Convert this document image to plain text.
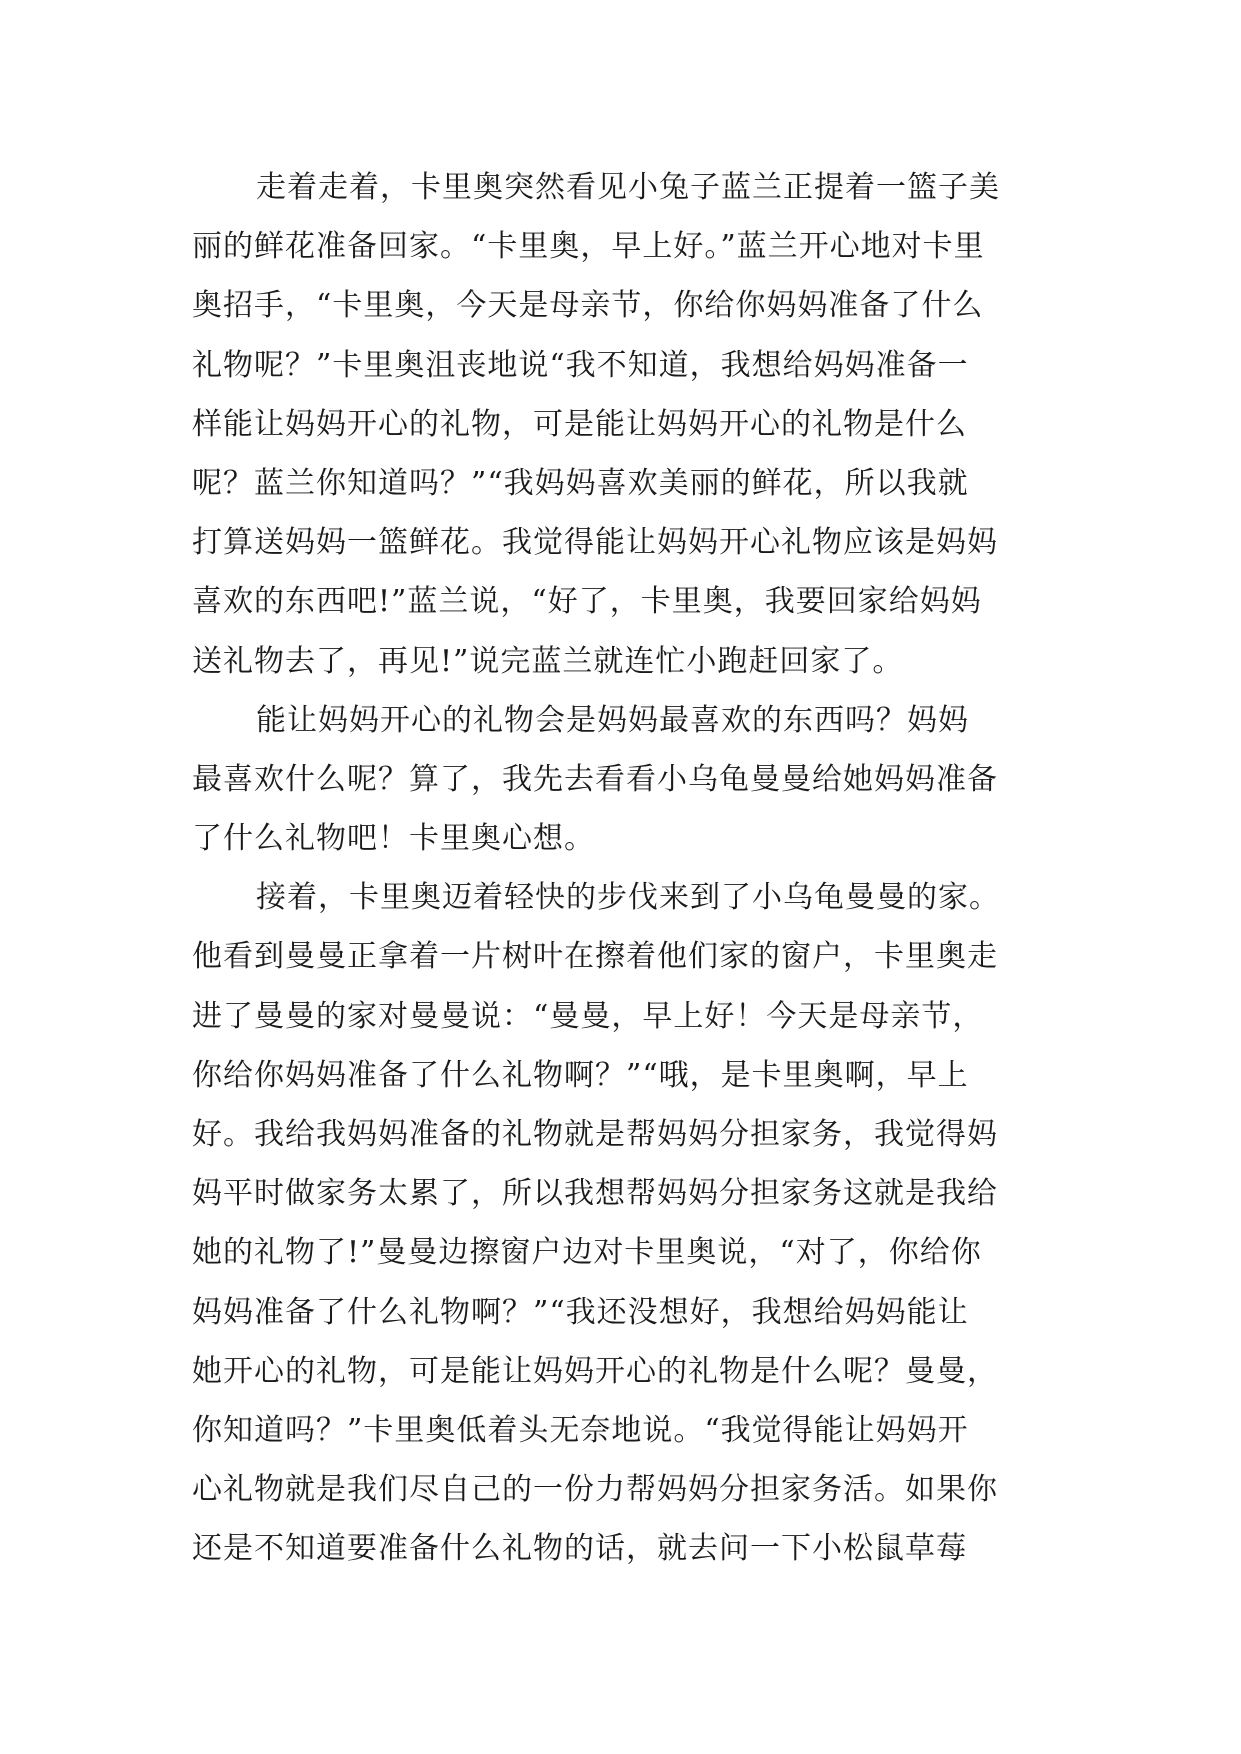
走着走着，卡里奥突然看见小兔子蓝兰正提着一篮子美
丽的鲜花准备回家。“卡里奥，早上好。”蓝兰开心地对卡里
奥招手，“卡里奥，今天是母亲节，你给你妈妈准备了什么
礼物呢？”卡里奥沮丧地说“我不知道，我想给妈妈准备一
样能让妈妈开心的礼物，可是能让妈妈开心的礼物是什么
呢？蓝兰你知道吗？”“我妈妈喜欢美丽的鲜花，所以我就
打算送妈妈一篮鲜花。我觉得能让妈妈开心礼物应该是妈妈
喜欢的东西吧!”蓝兰说，“好了，卡里奥，我要回家给妈妈
送礼物去了，再见!”说完蓝兰就连忙小跑赶回家了。
能让妈妈开心的礼物会是妈妈最喜欢的东西吗？妈妈
最喜欢什么呢？算了，我先去看看小乌龟曼曼给她妈妈准备
了什么礼物吧！卡里奥心想。
接着，卡里奥迈着轻快的步伐来到了小乌龟曼曼的家。
他看到曼曼正拿着一片树叶在擦着他们家的窗户，卡里奥走
进了曼曼的家对曼曼说：“曼曼，早上好！今天是母亲节，
你给你妈妈准备了什么礼物啊？”“哦，是卡里奥啊，早上
好。我给我妈妈准备的礼物就是帮妈妈分担家务，我觉得妈
妈平时做家务太累了，所以我想帮妈妈分担家务这就是我给
她的礼物了!”曼曼边擦窗户边对卡里奥说，“对了，你给你
妈妈准备了什么礼物啊？”“我还没想好，我想给妈妈能让
她开心的礼物，可是能让妈妈开心的礼物是什么呢？曼曼，
你知道吗？”卡里奥低着头无奈地说。“我觉得能让妈妈开
心礼物就是我们尽自己的一份力帮妈妈分担家务活。如果你
还是不知道要准备什么礼物的话，就去问一下小松鼠草莓
